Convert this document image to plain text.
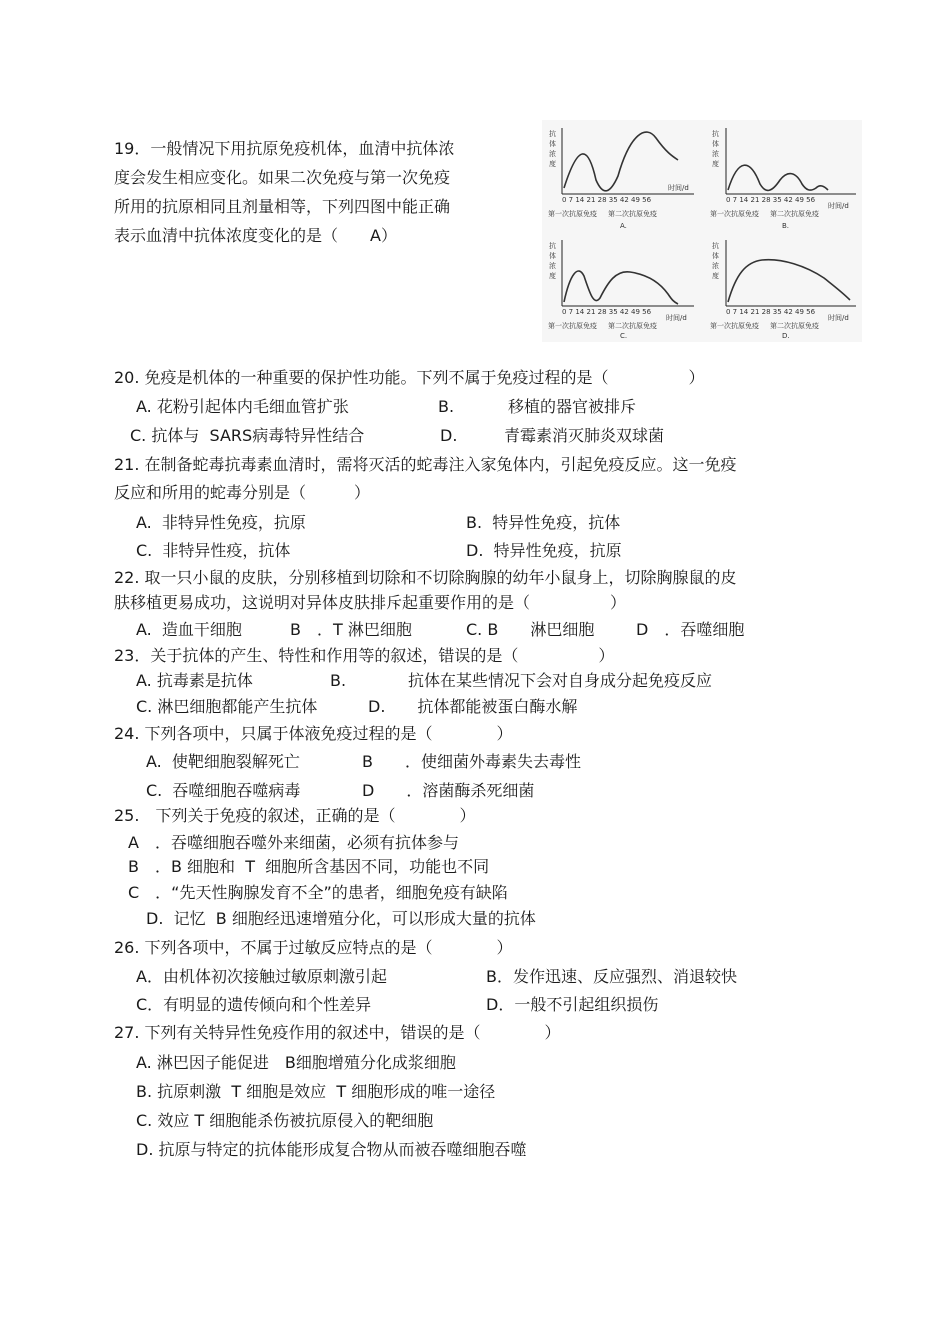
19．一般情况下用抗原免疫机体，血清中抗体浓
度会发生相应变化。如果二次免疫与第一次免疫
所用的抗原相同且剂量相等，下列四图中能正确
表示血清中抗体浓度变化的是（　　A）
抗
体
浓
度
0 7 14 21 28 35 42 49 56
时间/d
第一次抗原免疫 第二次抗原免疫
A.
抗
体
浓
度
0 7 14 21 28 35 42 49 56
时间/d
第一次抗原免疫 第二次抗原免疫
B.
抗
体
浓
度
0 7 14 21 28 35 42 49 56
时间/d
第一次抗原免疫 第二次抗原免疫
C.
抗
体
浓
度
0 7 14 21 28 35 42 49 56
时间/d
第一次抗原免疫 第二次抗原免疫
D.
20. 免疫是机体的一种重要的保护性功能。下列不属于免疫过程的是（　　　　　）
A. 花粉引起体内毛细血管扩张	B.	移植的器官被排斥
C. 抗体与  SARS病毒特异性结合	D.	青霉素消灭肺炎双球菌
21. 在制备蛇毒抗毒素血清时，需将灭活的蛇毒注入家兔体内，引起免疫反应。这一免疫
反应和所用的蛇毒分别是（　　　）
A.  非特异性免疫，抗原	B.  特异性免疫，抗体
C.  非特异性疫，抗体	D.  特异性免疫，抗原
22. 取一只小鼠的皮肤，分别移植到切除和不切除胸腺的幼年小鼠身上，切除胸腺鼠的皮
肤移植更易成功，这说明对异体皮肤排斥起重要作用的是（　　　　　）
A.  造血干细胞	B　．T 淋巴细胞	C. B　　淋巴细胞	D　．吞噬细胞
23．关于抗体的产生、特性和作用等的叙述，错误的是（　　　　　）
A. 抗毒素是抗体	B.	抗体在某些情况下会对自身成分起免疫反应
C. 淋巴细胞都能产生抗体	D.　　抗体都能被蛋白酶水解
24. 下列各项中，只属于体液免疫过程的是（　　　　）
A.  使靶细胞裂解死亡	B　　．使细菌外毒素失去毒性
C.  吞噬细胞吞噬病毒	D　　．溶菌酶杀死细菌
25.　下列关于免疫的叙述，正确的是（　　　　）
A　．吞噬细胞吞噬外来细菌，必须有抗体参与
B　．B 细胞和  T  细胞所含基因不同，功能也不同
C　．“先天性胸腺发育不全”的患者，细胞免疫有缺陷
D.  记忆  B 细胞经迅速增殖分化，可以形成大量的抗体
26. 下列各项中，不属于过敏反应特点的是（　　　　）
A．由机体初次接触过敏原刺激引起	B．发作迅速、反应强烈、消退较快
C．有明显的遗传倾向和个性差异	D．一般不引起组织损伤
27. 下列有关特异性免疫作用的叙述中，错误的是（　　　　）
A. 淋巴因子能促进　B细胞增殖分化成浆细胞
B. 抗原刺激  T 细胞是效应  T 细胞形成的唯一途径
C. 效应 T 细胞能杀伤被抗原侵入的靶细胞
D. 抗原与特定的抗体能形成复合物从而被吞噬细胞吞噬
